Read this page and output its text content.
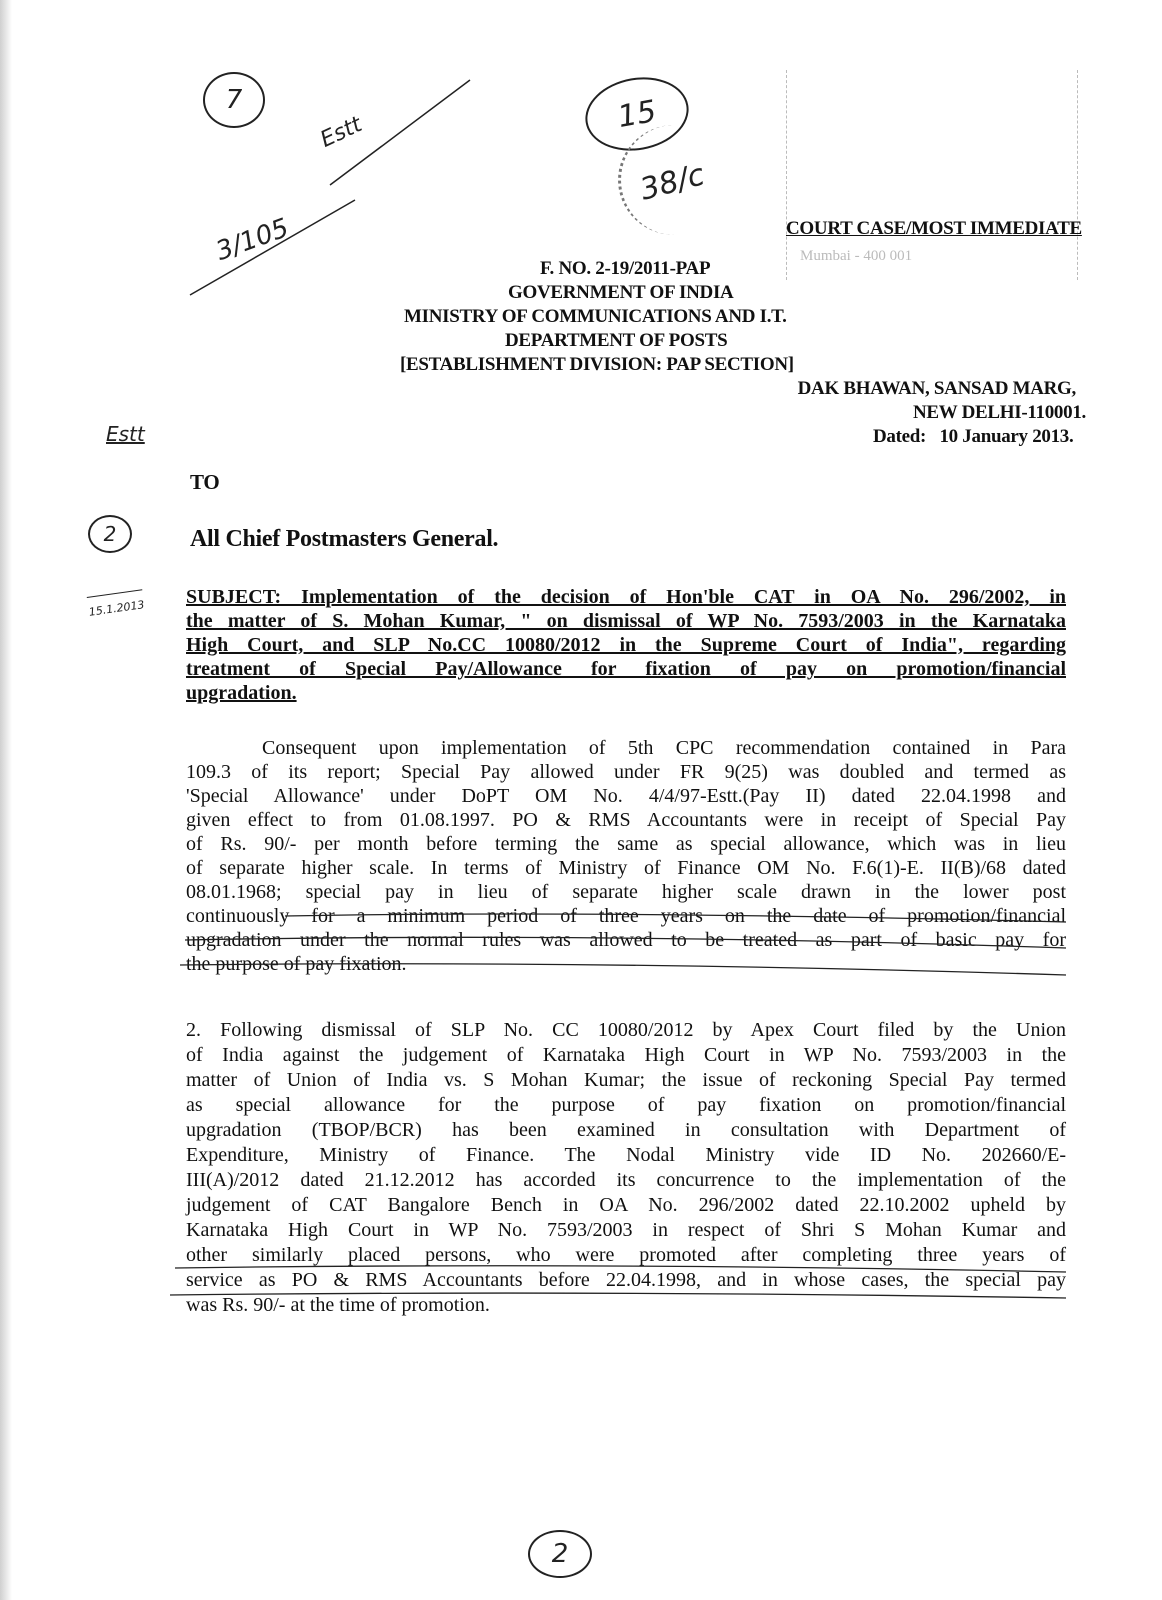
7
Estt	15
38/c
3/105	COURT CASE/MOST IMMEDIATE
Mumbai - 400 001
F. NO. 2-19/2011-PAP
GOVERNMENT OF INDIA
MINISTRY OF COMMUNICATIONS AND I.T.
DEPARTMENT OF POSTS
[ESTABLISHMENT DIVISION: PAP SECTION]
DAK BHAWAN, SANSAD MARG,
NEW DELHI-110001.
Dated: 10 January 2013.
Estt
TO
2	All Chief Postmasters General.
15.1.2013
SUBJECT: Implementation of the decision of Hon'ble CAT in OA No. 296/2002, in
the matter of S. Mohan Kumar, " on dismissal of WP No. 7593/2003 in the Karnataka
High Court, and SLP No.CC 10080/2012 in the Supreme Court of India", regarding
treatment of Special Pay/Allowance for fixation of pay on promotion/financial
upgradation.
Consequent upon implementation of 5th CPC recommendation contained in Para
109.3 of its report; Special Pay allowed under FR 9(25) was doubled and termed as
'Special Allowance' under DoPT OM No. 4/4/97-Estt.(Pay II) dated 22.04.1998 and
given effect to from 01.08.1997. PO & RMS Accountants were in receipt of Special Pay
of Rs. 90/- per month before terming the same as special allowance, which was in lieu
of separate higher scale. In terms of Ministry of Finance OM No. F.6(1)-E. II(B)/68 dated
08.01.1968; special pay in lieu of separate higher scale drawn in the lower post
continuously for a minimum period of three years on the date of promotion/financial
upgradation under the normal rules was allowed to be treated as part of basic pay for
the purpose of pay fixation.
2. Following dismissal of SLP No. CC 10080/2012 by Apex Court filed by the Union
of India against the judgement of Karnataka High Court in WP No. 7593/2003 in the
matter of Union of India vs. S Mohan Kumar; the issue of reckoning Special Pay termed
as special allowance for the purpose of pay fixation on promotion/financial
upgradation (TBOP/BCR) has been examined in consultation with Department of
Expenditure, Ministry of Finance. The Nodal Ministry vide ID No. 202660/E-
III(A)/2012 dated 21.12.2012 has accorded its concurrence to the implementation of the
judgement of CAT Bangalore Bench in OA No. 296/2002 dated 22.10.2002 upheld by
Karnataka High Court in WP No. 7593/2003 in respect of Shri S Mohan Kumar and
other similarly placed persons, who were promoted after completing three years of
service as PO & RMS Accountants before 22.04.1998, and in whose cases, the special pay
was Rs. 90/- at the time of promotion.
2
